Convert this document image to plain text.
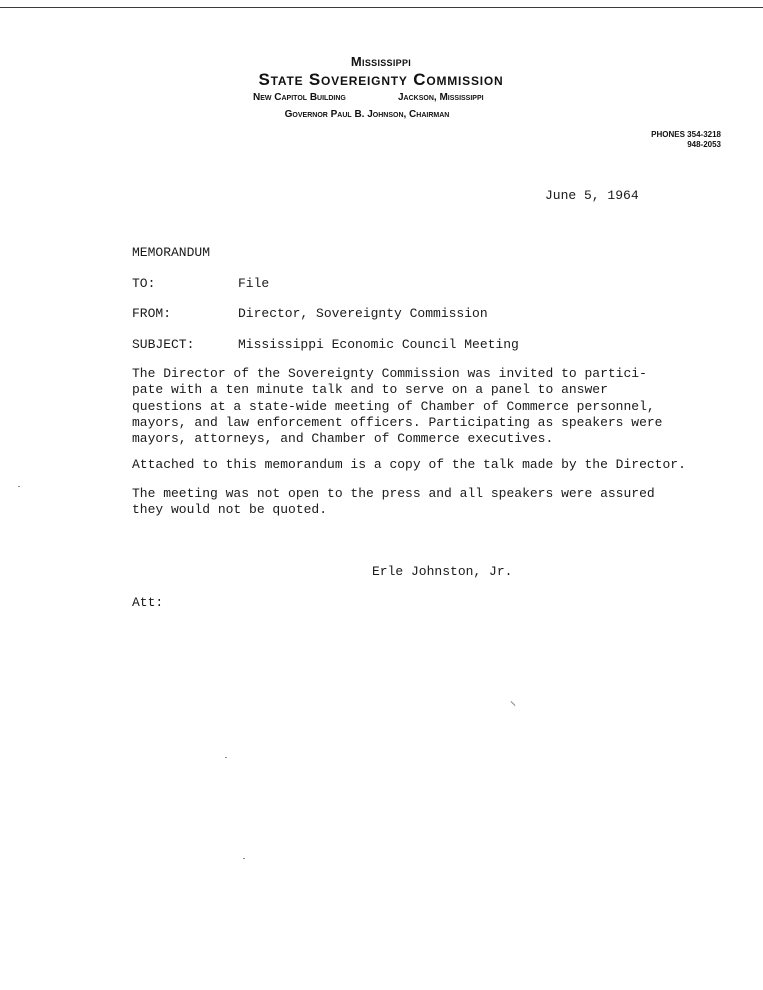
Mississippi
State Sovereignty Commission
New Capitol Building	Jackson, Mississippi
Governor Paul B. Johnson, Chairman
PHONES 354-3218
948-2053
June 5, 1964
MEMORANDUM
TO:	File
FROM:	Director, Sovereignty Commission
SUBJECT:	Mississippi Economic Council Meeting
The Director of the Sovereignty Commission was invited to partici-
pate with a ten minute talk and to serve on a panel to answer
questions at a state-wide meeting of Chamber of Commerce personnel,
mayors, and law enforcement officers. Participating as speakers were
mayors, attorneys, and Chamber of Commerce executives.
Attached to this memorandum is a copy of the talk made by the Director.
The meeting was not open to the press and all speakers were assured
they would not be quoted.
Erle Johnston, Jr.
Att:
